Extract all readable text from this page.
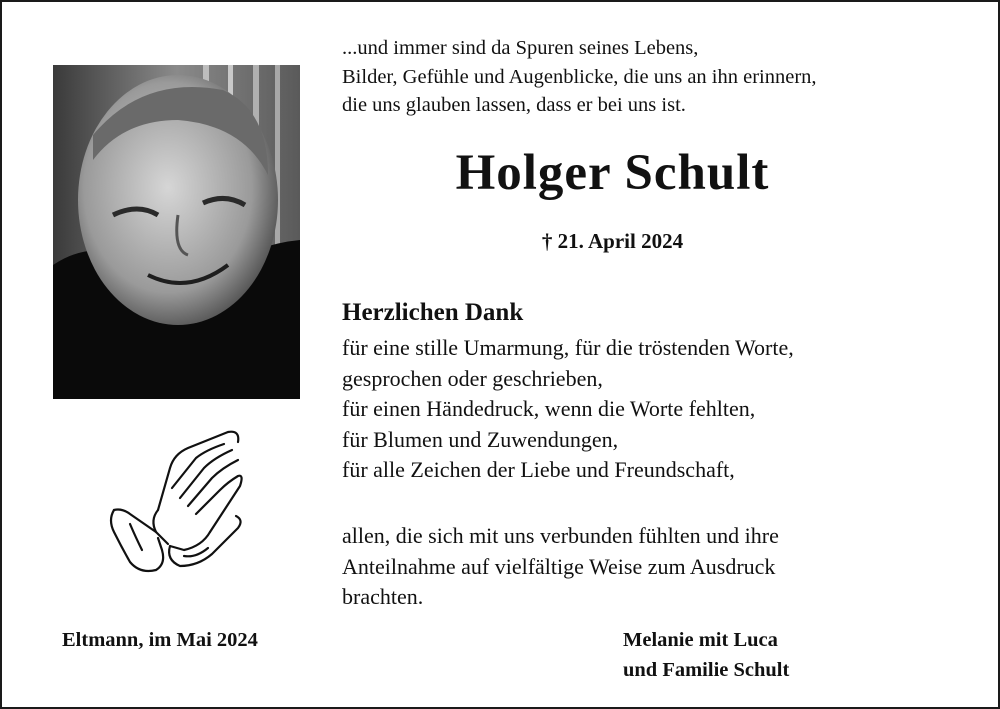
...und immer sind da Spuren seines Lebens,
Bilder, Gefühle und Augenblicke, die uns an ihn erinnern,
die uns glauben lassen, dass er bei uns ist.
Holger Schult
† 21. April 2024
Herzlichen Dank
für eine stille Umarmung, für die tröstenden Worte,
gesprochen oder geschrieben,
für einen Händedruck, wenn die Worte fehlten,
für Blumen und Zuwendungen,
für alle Zeichen der Liebe und Freundschaft,
allen, die sich mit uns verbunden fühlten und ihre
Anteilnahme auf vielfältige Weise zum Ausdruck
brachten.
Eltmann, im Mai 2024	Melanie mit Luca
und Familie Schult
